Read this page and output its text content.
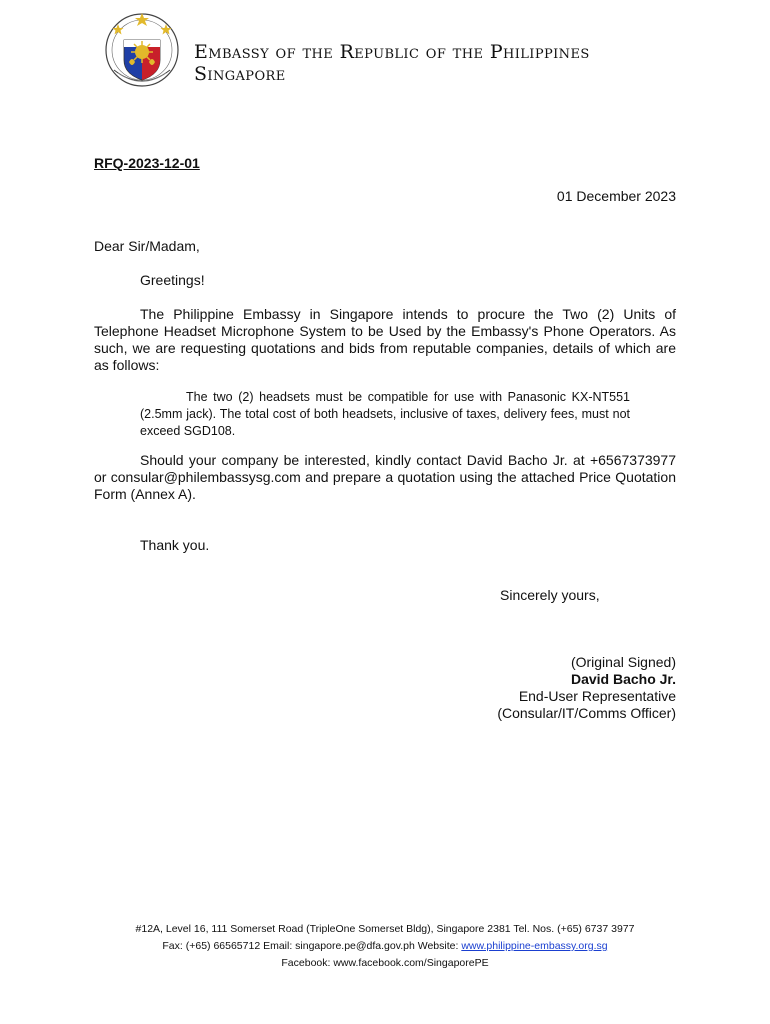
Embassy of the Republic of the Philippines
Singapore
RFQ-2023-12-01
01 December 2023
Dear Sir/Madam,
Greetings!

The Philippine Embassy in Singapore intends to procure the Two (2) Units of Telephone Headset Microphone System to be Used by the Embassy's Phone Operators. As such, we are requesting quotations and bids from reputable companies, details of which are as follows:

The two (2) headsets must be compatible for use with Panasonic KX-NT551 (2.5mm jack). The total cost of both headsets, inclusive of taxes, delivery fees, must not exceed SGD108.

Should your company be interested, kindly contact David Bacho Jr. at +6567373977 or consular@philembassysg.com and prepare a quotation using the attached Price Quotation Form (Annex A).

Thank you.
Sincerely yours,
(Original Signed)
David Bacho Jr.
End-User Representative
(Consular/IT/Comms Officer)
#12A, Level 16, 111 Somerset Road (TripleOne Somerset Bldg), Singapore 2381 Tel. Nos. (+65) 6737 3977
Fax: (+65) 66565712 Email: singapore.pe@dfa.gov.ph Website: www.philippine-embassy.org.sg
Facebook: www.facebook.com/SingaporePE
